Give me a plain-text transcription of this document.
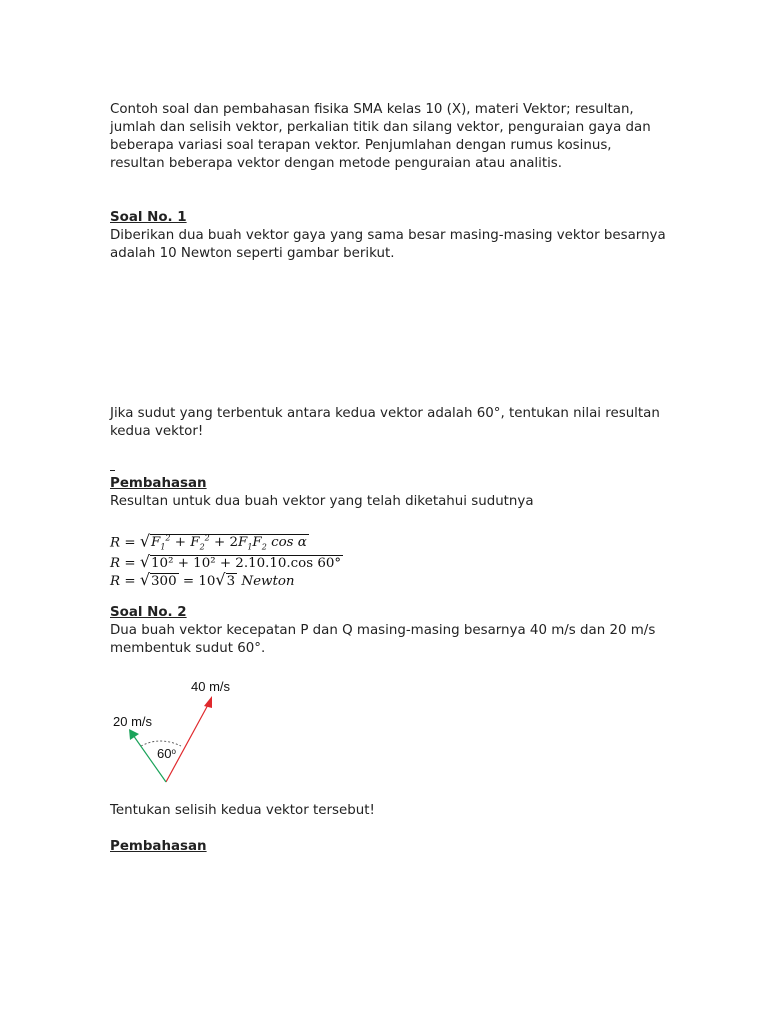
Contoh soal dan pembahasan fisika SMA kelas 10 (X), materi Vektor; resultan, jumlah dan selisih vektor, perkalian titik dan silang vektor, penguraian gaya dan beberapa variasi soal terapan vektor. Penjumlahan dengan rumus kosinus, resultan beberapa vektor dengan metode penguraian atau analitis.

Soal No. 1

Diberikan dua buah vektor gaya yang sama besar masing-masing vektor besarnya adalah 10 Newton seperti gambar berikut.

Jika sudut yang terbentuk antara kedua vektor adalah 60°, tentukan nilai resultan kedua vektor!

Pembahasan

Resultan untuk dua buah vektor yang telah diketahui sudutnya

$R = √F_1^2 + F_2^2 + 2F_1F_2$ cos α
R = √10² + 10² + 2.10.10.cos 60°
R = √300 = 10√3 Newton

Soal No. 2

Dua buah vektor kecepatan P dan Q masing-masing besarnya 40 m/s dan 20 m/s membentuk sudut 60°.

40 m/s
20 m/s
60$^o$

Tentukan selisih kedua vektor tersebut!

Pembahasan
